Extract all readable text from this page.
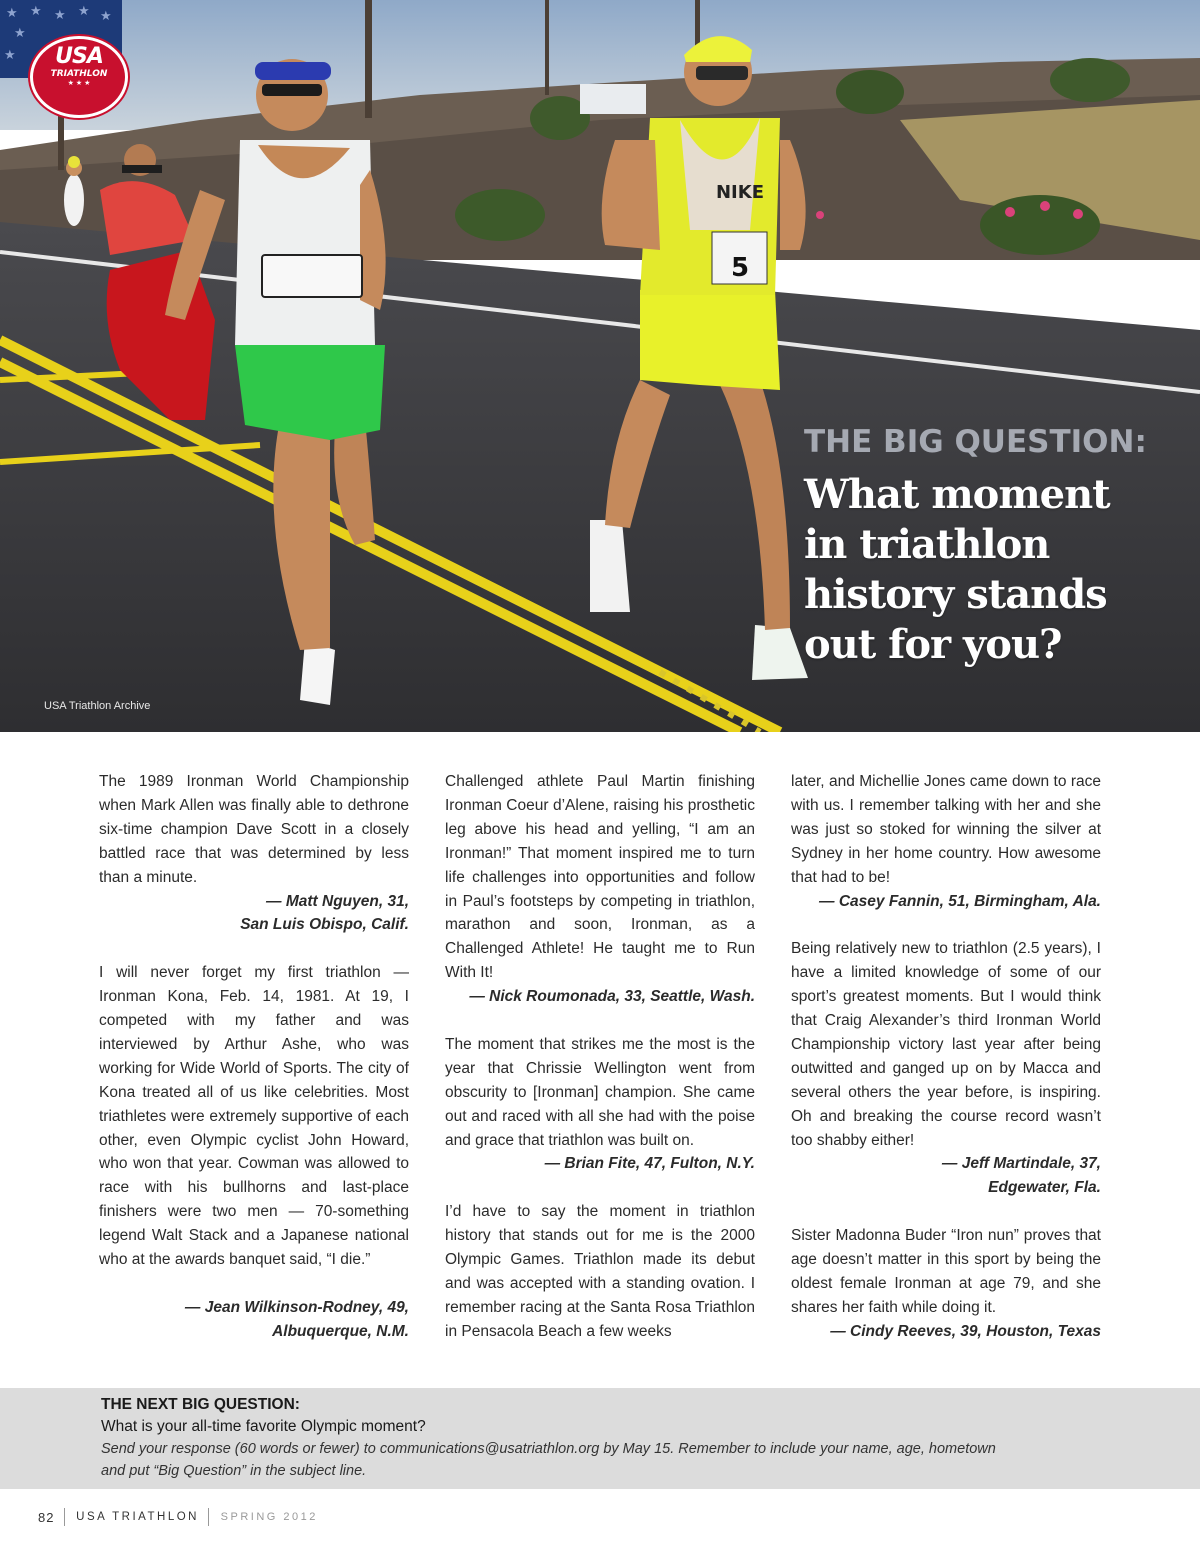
5
NIKE
★ ★ ★ ★ ★
★
★	USA
TRIATHLON
★ ★ ★
THE BIG QUESTION:
What moment
in triathlon
history stands
out for you?
USA Triathlon Archive

The 1989 Ironman World Championship when Mark Allen was finally able to dethrone six-time champion Dave Scott in a closely battled race that was determined by less than a minute.

— Matt Nguyen, 31,

San Luis Obispo, Calif.

I will never forget my first triathlon — Ironman Kona, Feb. 14, 1981. At 19, I competed with my father and was interviewed by Arthur Ashe, who was working for Wide World of Sports. The city of Kona treated all of us like celebrities. Most triathletes were extremely supportive of each other, even Olympic cyclist John Howard, who won that year. Cowman was allowed to race with his bullhorns and last-place finishers were two men — 70-something legend Walt Stack and a Japanese national who at the awards banquet said, “I die.”

— Jean Wilkinson-Rodney, 49,

Albuquerque, N.M.

Challenged athlete Paul Martin finishing Ironman Coeur d’Alene, raising his prosthetic leg above his head and yelling, “I am an Ironman!” That moment inspired me to turn life challenges into opportunities and follow in Paul’s footsteps by competing in triathlon, marathon and soon, Ironman, as a Challenged Athlete! He taught me to Run With It!

— Nick Roumonada, 33, Seattle, Wash.

The moment that strikes me the most is the year that Chrissie Wellington went from obscurity to [Ironman] champion. She came out and raced with all she had with the poise and grace that triathlon was built on.

— Brian Fite, 47, Fulton, N.Y.

I’d have to say the moment in triathlon history that stands out for me is the 2000 Olympic Games. Triathlon made its debut and was accepted with a standing ovation. I remember racing at the Santa Rosa Triathlon in Pensacola Beach a few weeks

later, and Michellie Jones came down to race with us. I remember talking with her and she was just so stoked for winning the silver at Sydney in her home country. How awesome that had to be!

— Casey Fannin, 51, Birmingham, Ala.

Being relatively new to triathlon (2.5 years), I have a limited knowledge of some of our sport’s greatest moments. But I would think that Craig Alexander’s third Ironman World Championship victory last year after being outwitted and ganged up on by Macca and several others the year before, is inspiring. Oh and breaking the course record wasn’t too shabby either!

— Jeff Martindale, 37,

Edgewater, Fla.

Sister Madonna Buder “Iron nun” proves that age doesn’t matter in this sport by being the oldest female Ironman at age 79, and she shares her faith while doing it.

— Cindy Reeves, 39, Houston, Texas

THE NEXT BIG QUESTION:
What is your all-time favorite Olympic moment?
Send your response (60 words or fewer) to communications@usatriathlon.org by May 15. Remember to include your name, age, hometown
and put “Big Question” in the subject line.
82 USA TRIATHLON SPRING 2012
